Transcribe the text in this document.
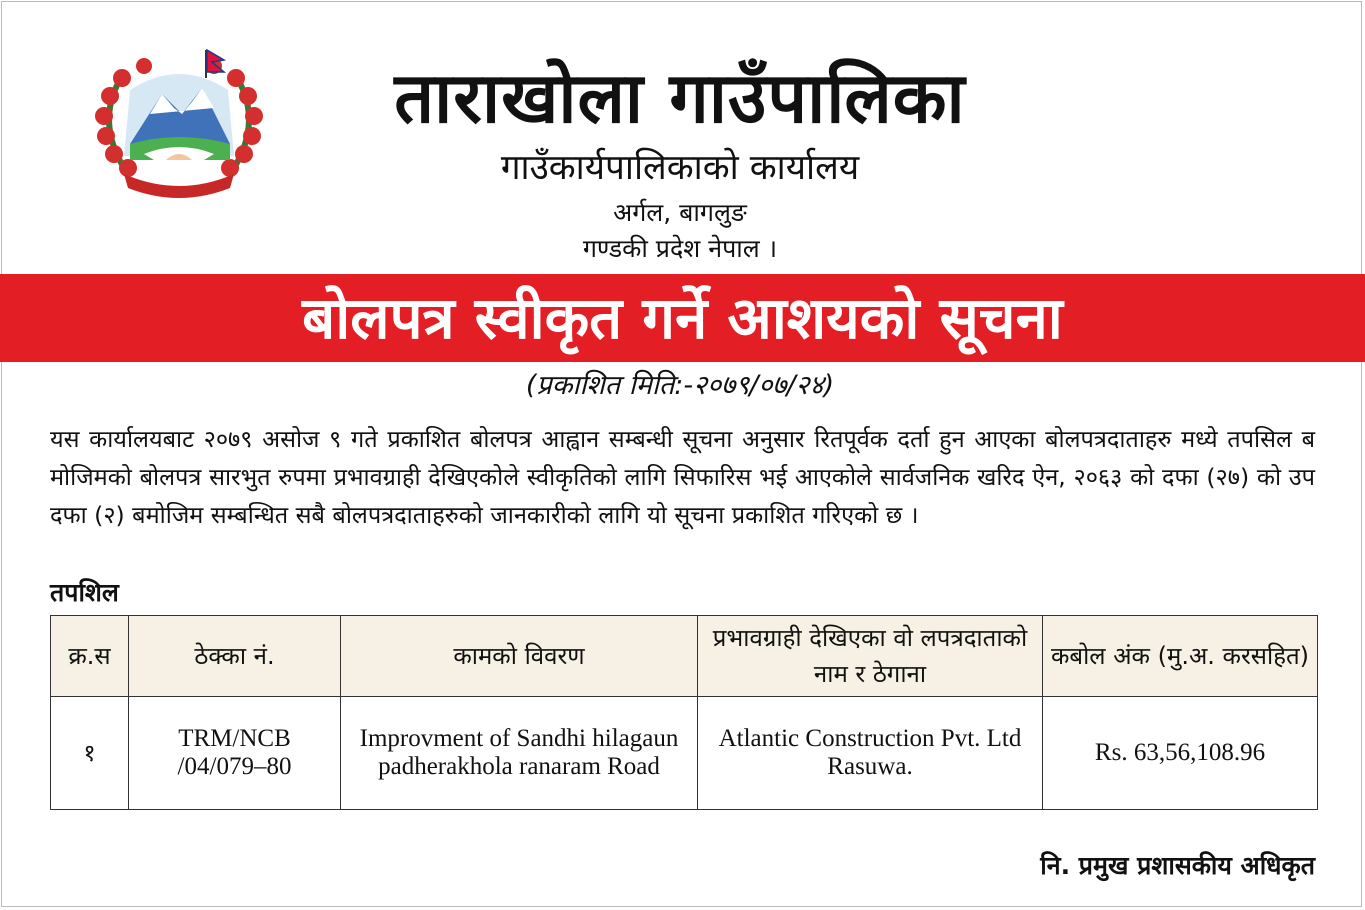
ताराखोला गाउँपालिका
गाउँकार्यपालिकाको कार्यालय
अर्गल, बागलुङ
गण्डकी प्रदेश नेपाल ।
बोलपत्र स्वीकृत गर्ने आशयको सूचना
(प्रकाशित मिति:-२०७९/०७/२४)
यस कार्यालयबाट २०७९ असोज ९ गते प्रकाशित बोलपत्र आह्वान सम्बन्धी सूचना अनुसार रितपूर्वक दर्ता हुन आएका बोलपत्रदाताहरु मध्ये तपसिल बमोजिमको बोलपत्र सारभुत रुपमा प्रभावग्राही देखिएकोले स्वीकृतिको लागि सिफारिस भई आएकोले सार्वजनिक खरिद ऐन, २०६३ को दफा (२७) को उपदफा (२) बमोजिम सम्बन्धित सबै बोलपत्रदाताहरुको जानकारीको लागि यो सूचना प्रकाशित गरिएको छ ।
तपशिल
क्र.स	ठेक्का नं.	कामको विवरण	प्रभावग्राही देखिएका वो लपत्रदाताको नाम र ठेगाना	कबोल अंक (मु.अ. करसहित)
१	TRM/NCB /04/079–80	Improvment of Sandhi hilagaun padherakhola ranaram Road	Atlantic Construction Pvt. Ltd Rasuwa.	Rs. 63,56,108.96
नि. प्रमुख प्रशासकीय अधिकृत
